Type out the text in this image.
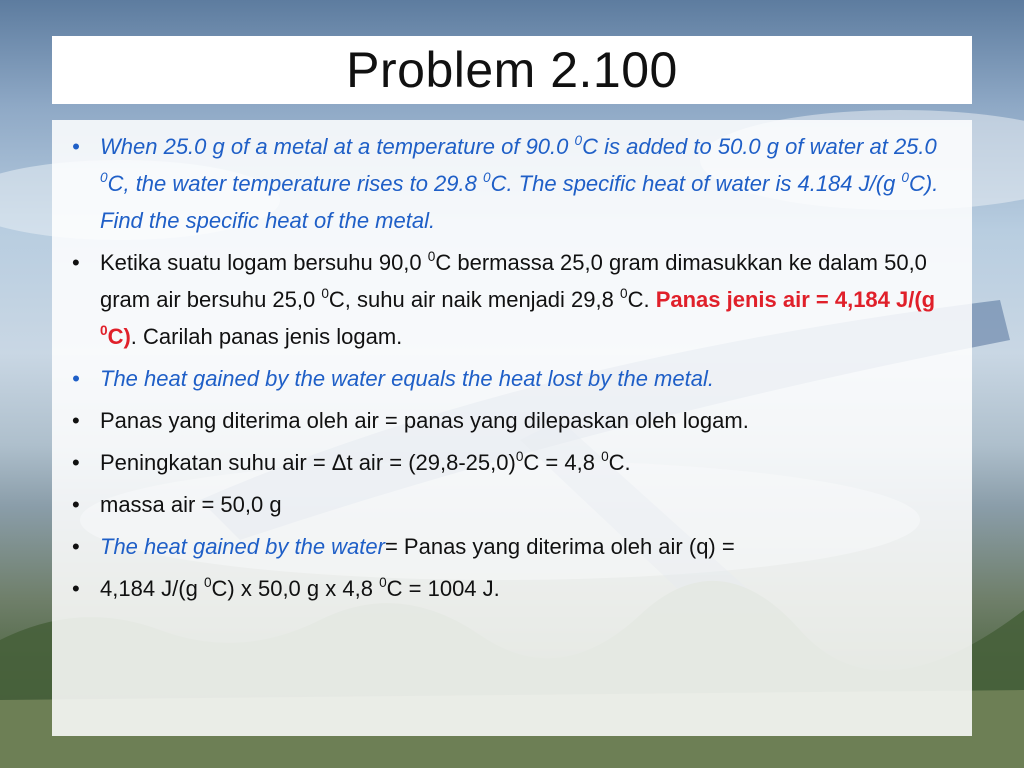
Problem 2.100
• When 25.0 g of a metal at a temperature of 90.0 $^0$C is added to 50.0 g of water at 25.0 $^0$C, the water temperature rises to 29.8 $^0$C. The specific heat of water is 4.184 J/(g $^0$C). Find the specific heat of the metal.
• Ketika suatu logam bersuhu 90,0 $^0$C bermassa 25,0 gram dimasukkan ke dalam 50,0 gram air bersuhu 25,0 $^0$C, suhu air naik menjadi 29,8 $^0$C. Panas jenis air = 4,184 J/(g $^0$C). Carilah panas jenis logam.
• The heat gained by the water equals the heat lost by the metal.
• Panas yang diterima oleh air = panas yang dilepaskan oleh logam.
• Peningkatan suhu air = Δt air = $(29,8-25,0)^0C = 4,8$ $^0$C.
• massa air = 50,0 g
• The heat gained by the water= Panas yang diterima oleh air (q) =
• 4,184 J/(g $^0$C) x 50,0 g x 4,8 $^0$C = 1004 J.
